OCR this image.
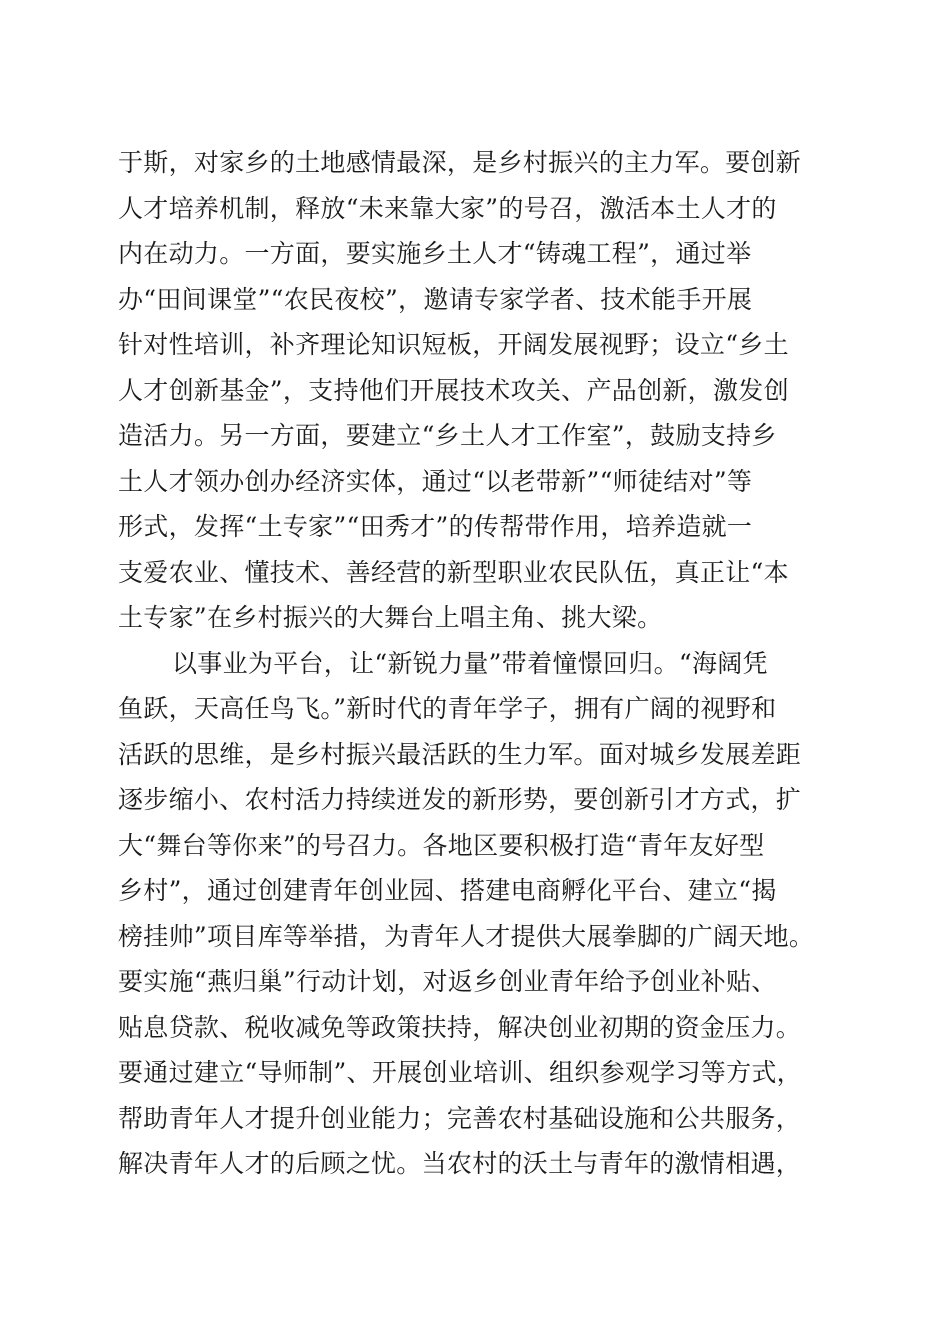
于斯，对家乡的土地感情最深，是乡村振兴的主力军。要创新
人才培养机制，释放“未来靠大家”的号召，激活本土人才的
内在动力。一方面，要实施乡土人才“铸魂工程”，通过举
办“田间课堂”“农民夜校”，邀请专家学者、技术能手开展
针对性培训，补齐理论知识短板，开阔发展视野；设立“乡土
人才创新基金”，支持他们开展技术攻关、产品创新，激发创
造活力。另一方面，要建立“乡土人才工作室”，鼓励支持乡
土人才领办创办经济实体，通过“以老带新”“师徒结对”等
形式，发挥“土专家”“田秀才”的传帮带作用，培养造就一
支爱农业、懂技术、善经营的新型职业农民队伍，真正让“本
土专家”在乡村振兴的大舞台上唱主角、挑大梁。
以事业为平台，让“新锐力量”带着憧憬回归。“海阔凭
鱼跃，天高任鸟飞。”新时代的青年学子，拥有广阔的视野和
活跃的思维，是乡村振兴最活跃的生力军。面对城乡发展差距
逐步缩小、农村活力持续迸发的新形势，要创新引才方式，扩
大“舞台等你来”的号召力。各地区要积极打造“青年友好型
乡村”，通过创建青年创业园、搭建电商孵化平台、建立“揭
榜挂帅”项目库等举措，为青年人才提供大展拳脚的广阔天地。
要实施“燕归巢”行动计划，对返乡创业青年给予创业补贴、
贴息贷款、税收减免等政策扶持，解决创业初期的资金压力。
要通过建立“导师制”、开展创业培训、组织参观学习等方式，
帮助青年人才提升创业能力；完善农村基础设施和公共服务，
解决青年人才的后顾之忧。当农村的沃土与青年的激情相遇，
